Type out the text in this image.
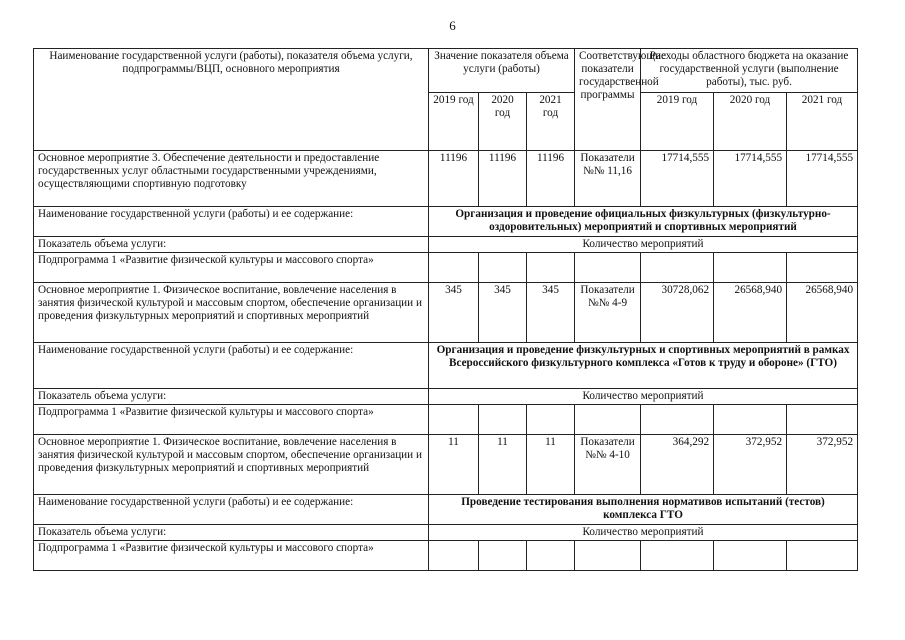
6
Наименование государственной услуги (работы), показателя объема услуги, подпрограммы/ВЦП, основного мероприятия	Значение показателя объема услуги (работы)			Соответствующие показатели государственной программы	Расходы областного бюджета на оказание государственной услуги (выполнение работы), тыс. руб.		
	2019 год	2020 год	2021 год		2019 год	2020 год	2021 год
Основное мероприятие 3. Обеспечение деятельности и предоставление государственных услуг областными государственными учреждениями, осуществляющими спортивную подготовку	11196	11196	11196	Показатели №№ 11,16	17714,555	17714,555	17714,555
Наименование государственной услуги (работы) и ее содержание:	Организация и проведение официальных физкультурных (физкультурно-оздоровительных) мероприятий и спортивных мероприятий						
Показатель объема услуги:	Количество мероприятий						
Подпрограмма 1 «Развитие физической культуры и массового спорта»							
Основное мероприятие 1. Физическое воспитание, вовлечение населения в занятия физической культурой и массовым спортом, обеспечение организации и проведения физкультурных мероприятий и спортивных мероприятий	345	345	345	Показатели №№ 4-9	30728,062	26568,940	26568,940
Наименование государственной услуги (работы) и ее содержание:	Организация и проведение физкультурных и спортивных мероприятий в рамках Всероссийского физкультурного комплекса «Готов к труду и обороне» (ГТО)						
Показатель объема услуги:	Количество мероприятий						
Подпрограмма 1 «Развитие физической культуры и массового спорта»							
Основное мероприятие 1. Физическое воспитание, вовлечение населения в занятия физической культурой и массовым спортом, обеспечение организации и проведения физкультурных мероприятий и спортивных мероприятий	11	11	11	Показатели №№ 4-10	364,292	372,952	372,952
Наименование государственной услуги (работы) и ее содержание:	Проведение тестирования выполнения нормативов испытаний (тестов) комплекса ГТО						
Показатель объема услуги:	Количество мероприятий						
Подпрограмма 1 «Развитие физической культуры и массового спорта»							
